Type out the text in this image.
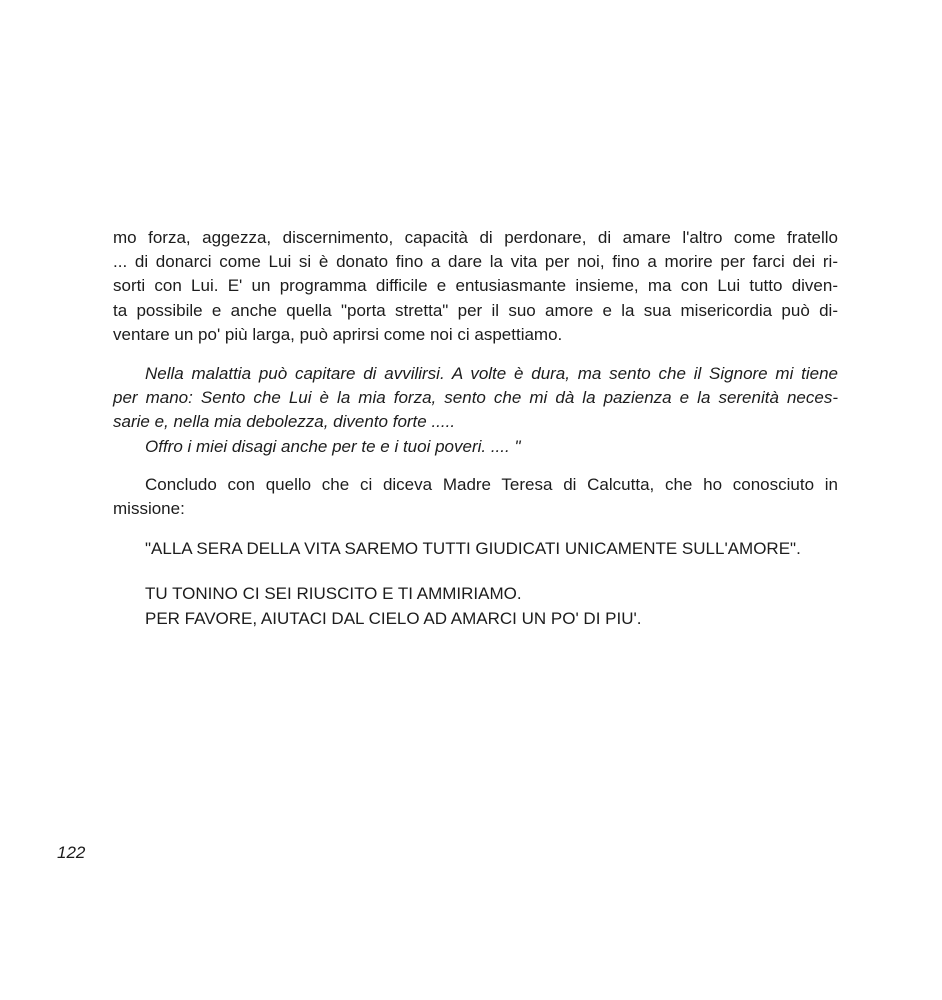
mo forza, aggezza, discernimento, capacità di perdonare, di amare l'altro come fratello
... di donarci come Lui si è donato fino a dare la vita per noi, fino a morire per farci dei ri-
sorti con Lui. E' un programma difficile e entusiasmante insieme, ma con Lui tutto diven-
ta possibile e anche quella "porta stretta" per il suo amore e la sua misericordia può di-
ventare un po' più larga, può aprirsi come noi ci aspettiamo.
Nella malattia può capitare di avvilirsi. A volte è dura, ma sento che il Signore mi tiene
per mano: Sento che Lui è la mia forza, sento che mi dà la pazienza e la serenità neces-
sarie e, nella mia debolezza, divento forte .....
Offro i miei disagi anche per te e i tuoi poveri. .... "
Concludo con quello che ci diceva Madre Teresa di Calcutta, che ho conosciuto in
missione:
"ALLA SERA DELLA VITA SAREMO TUTTI GIUDICATI UNICAMENTE SULL'AMORE".
TU TONINO CI SEI RIUSCITO E TI AMMIRIAMO.
PER FAVORE, AIUTACI DAL CIELO AD AMARCI UN PO' DI PIU'.
122
